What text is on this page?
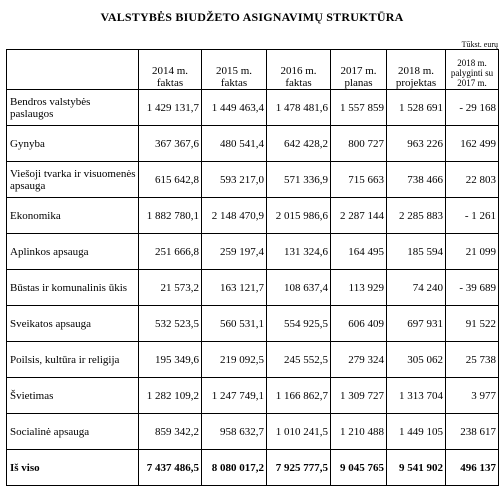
VALSTYBĖS BIUDŽETO ASIGNAVIMŲ STRUKTŪRA
Tūkst. eurų
	2014 m. faktas	2015 m. faktas	2016 m. faktas	2017 m. planas	2018 m. projektas	2018 m. palyginti su 2017 m.
Bendros valstybės paslaugos	1 429 131,7	1 449 463,4	1 478 481,6	1 557 859	1 528 691	- 29 168
Gynyba	367 367,6	480 541,4	642 428,2	800 727	963 226	162 499
Viešoji tvarka ir visuomenės apsauga	615 642,8	593 217,0	571 336,9	715 663	738 466	22 803
Ekonomika	1 882 780,1	2 148 470,9	2 015 986,6	2 287 144	2 285 883	- 1 261
Aplinkos apsauga	251 666,8	259 197,4	131 324,6	164 495	185 594	21 099
Būstas ir komunalinis ūkis	21 573,2	163 121,7	108 637,4	113 929	74 240	- 39 689
Sveikatos apsauga	532 523,5	560 531,1	554 925,5	606 409	697 931	91 522
Poilsis, kultūra ir religija	195 349,6	219 092,5	245 552,5	279 324	305 062	25 738
Švietimas	1 282 109,2	1 247 749,1	1 166 862,7	1 309 727	1 313 704	3 977
Socialinė apsauga	859 342,2	958 632,7	1 010 241,5	1 210 488	1 449 105	238 617
Iš viso	7 437 486,5	8 080 017,2	7 925 777,5	9 045 765	9 541 902	496 137
